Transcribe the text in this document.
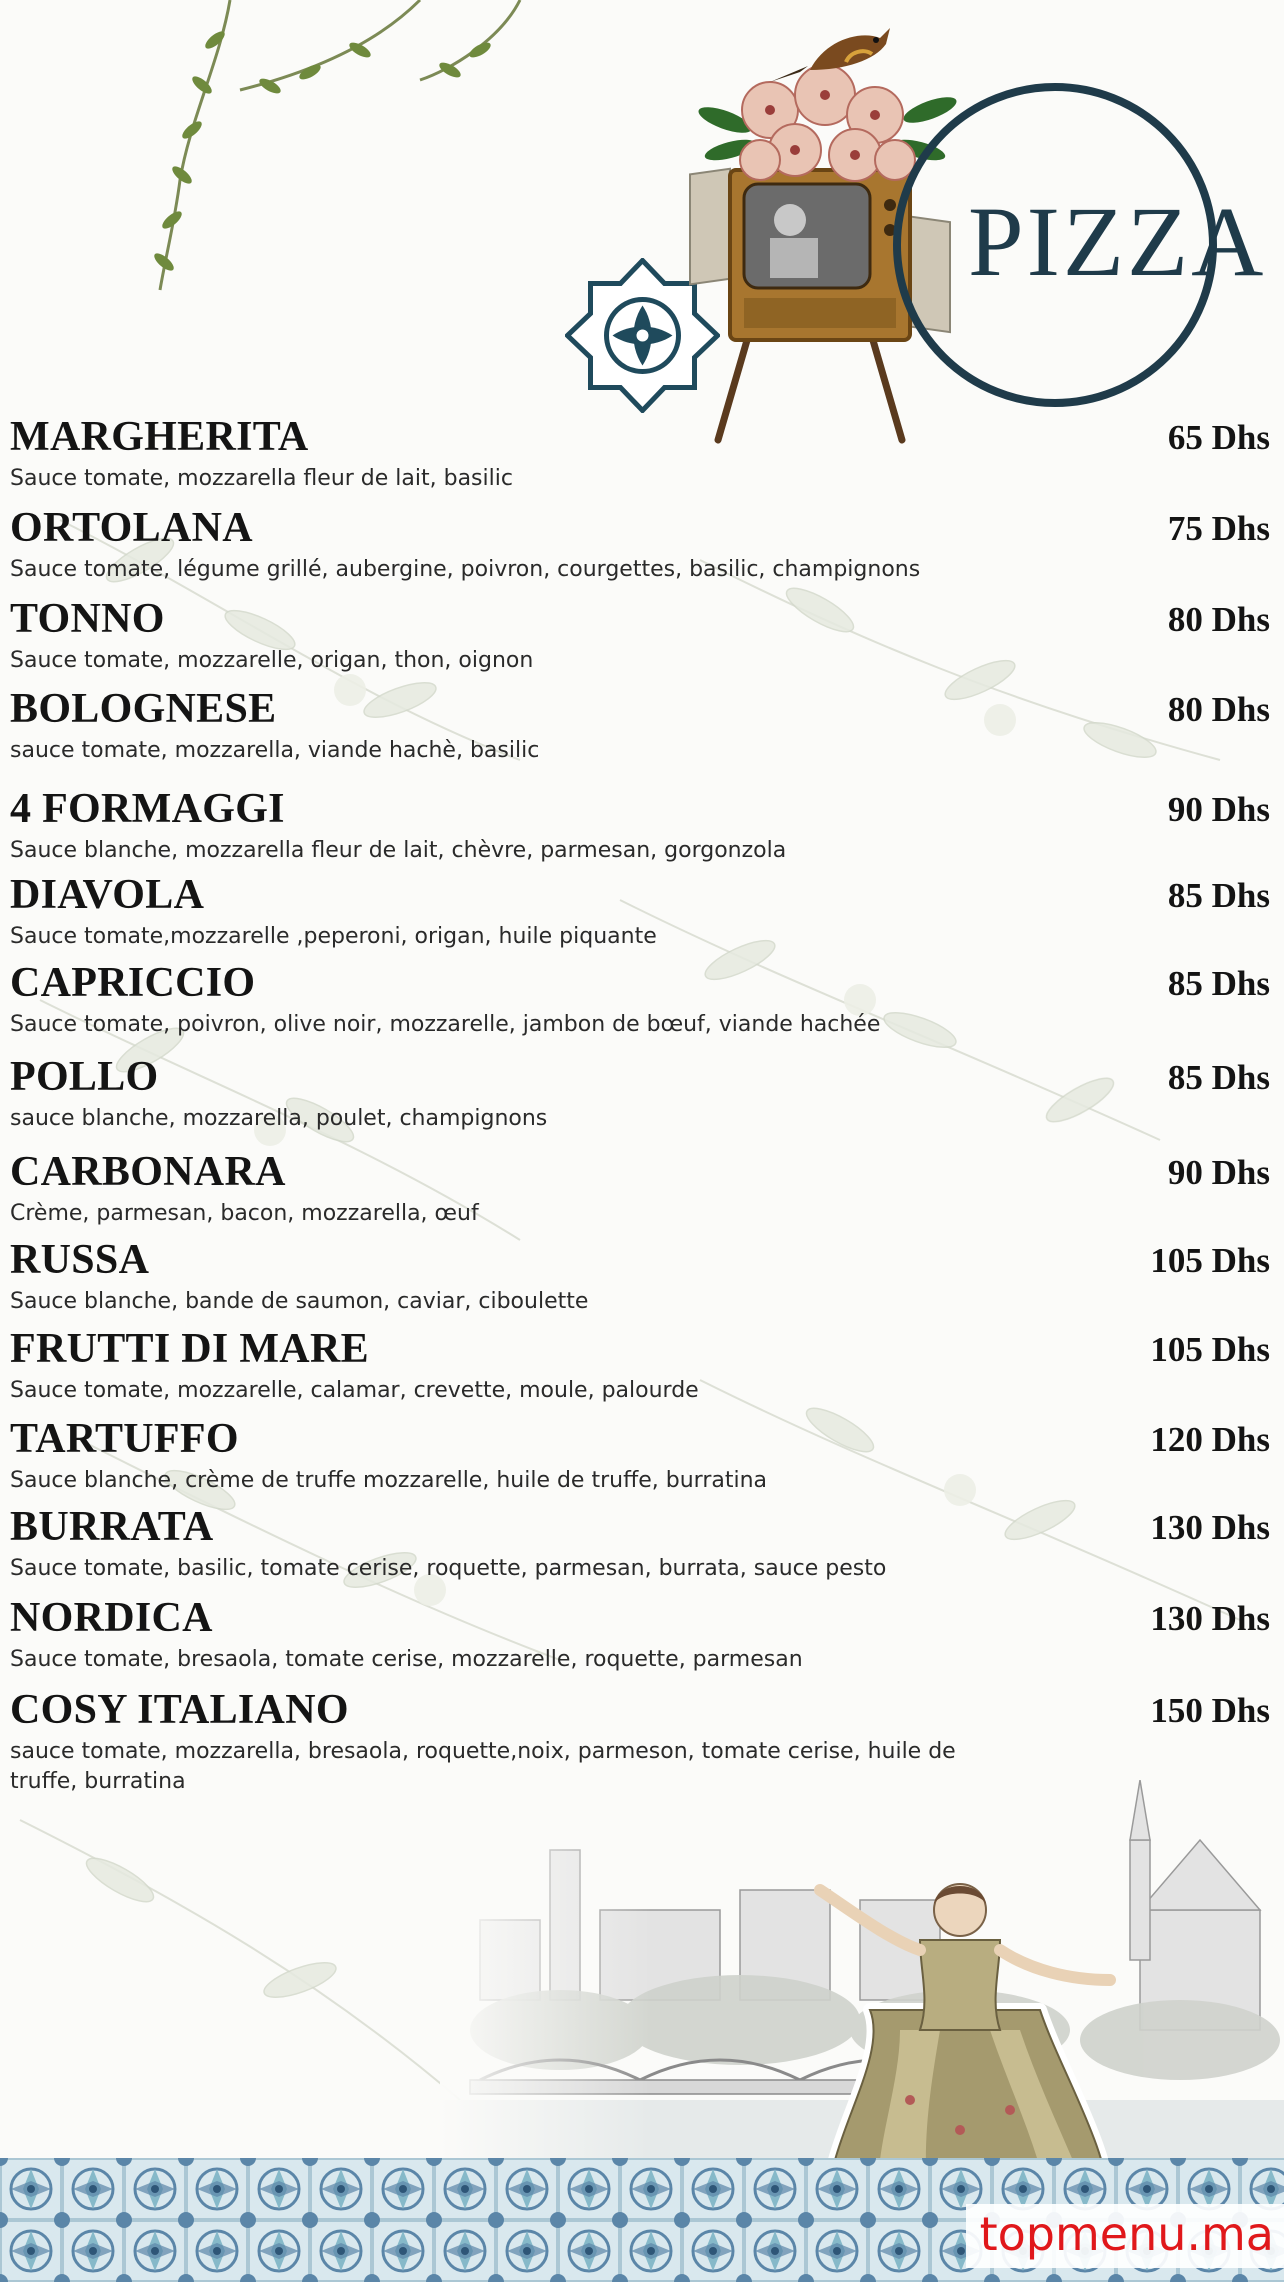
PIZZA
MARGHERITA	65 Dhs
Sauce tomate, mozzarella fleur de lait, basilic
ORTOLANA	75 Dhs
Sauce tomate, légume grillé, aubergine, poivron, courgettes, basilic, champignons
TONNO	80 Dhs
Sauce tomate, mozzarelle, origan, thon, oignon
BOLOGNESE	80 Dhs
sauce tomate, mozzarella, viande hachè, basilic
4 FORMAGGI	90 Dhs
Sauce blanche, mozzarella fleur de lait, chèvre, parmesan, gorgonzola
DIAVOLA	85 Dhs
Sauce tomate,mozzarelle ,peperoni, origan, huile piquante
CAPRICCIO	85 Dhs
Sauce tomate, poivron, olive noir, mozzarelle, jambon de bœuf, viande hachée
POLLO	85 Dhs
sauce blanche, mozzarella, poulet, champignons
CARBONARA	90 Dhs
Crème, parmesan, bacon, mozzarella, œuf
RUSSA	105 Dhs
Sauce blanche, bande de saumon, caviar, ciboulette
FRUTTI DI MARE	105 Dhs
Sauce tomate, mozzarelle, calamar, crevette, moule, palourde
TARTUFFO	120 Dhs
Sauce blanche, crème de truffe mozzarelle, huile de truffe, burratina
BURRATA	130 Dhs
Sauce tomate, basilic, tomate cerise, roquette, parmesan, burrata, sauce pesto
NORDICA	130 Dhs
Sauce tomate, bresaola, tomate cerise, mozzarelle, roquette, parmesan
COSY ITALIANO	150 Dhs
sauce tomate, mozzarella, bresaola, roquette,noix, parmeson, tomate cerise, huile de truffe, burratina
topmenu.ma
